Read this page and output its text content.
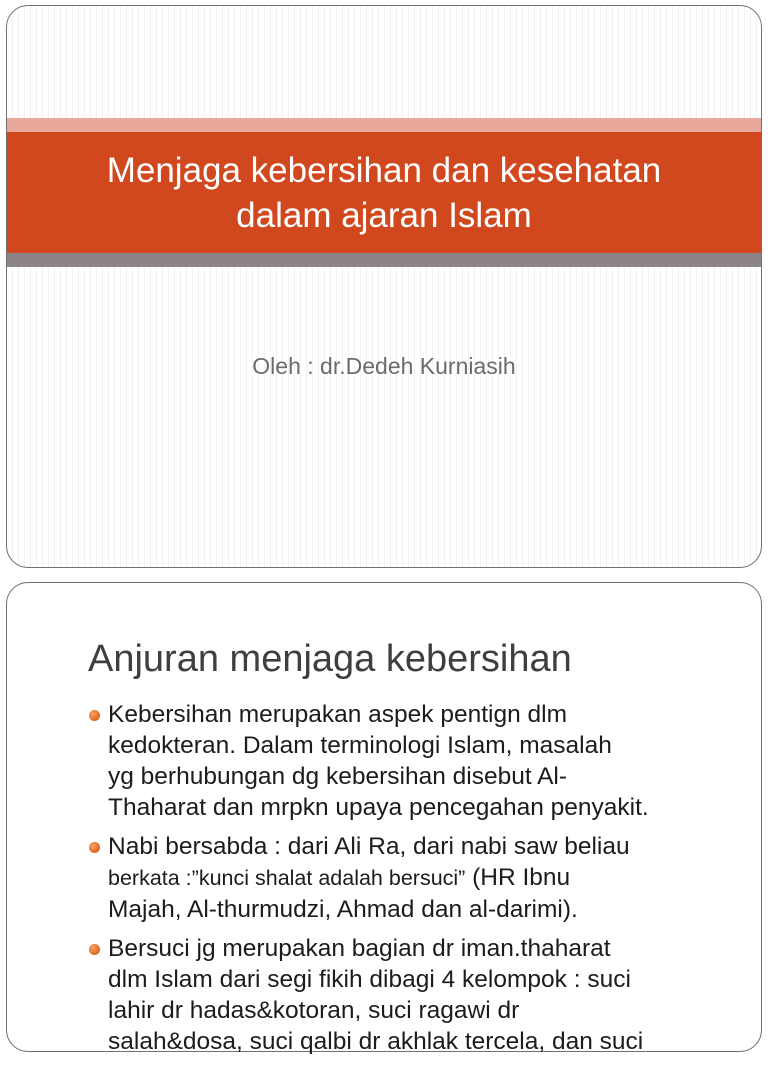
Menjaga kebersihan dan kesehatan
dalam ajaran Islam

Oleh : dr.Dedeh Kurniasih

Anjuran menjaga kebersihan
Kebersihan merupakan aspek pentign dlm
kedokteran. Dalam terminologi Islam, masalah
yg berhubungan dg kebersihan disebut Al-
Thaharat dan mrpkn upaya pencegahan penyakit.
Nabi bersabda : dari Ali Ra, dari nabi saw beliau
berkata :”kunci shalat adalah bersuci” (HR Ibnu
Majah, Al-thurmudzi, Ahmad dan al-darimi).
Bersuci jg merupakan bagian dr iman.thaharat
dlm Islam dari segi fikih dibagi 4 kelompok : suci
lahir dr hadas&kotoran, suci ragawi dr
salah&dosa, suci qalbi dr akhlak tercela, dan suci
